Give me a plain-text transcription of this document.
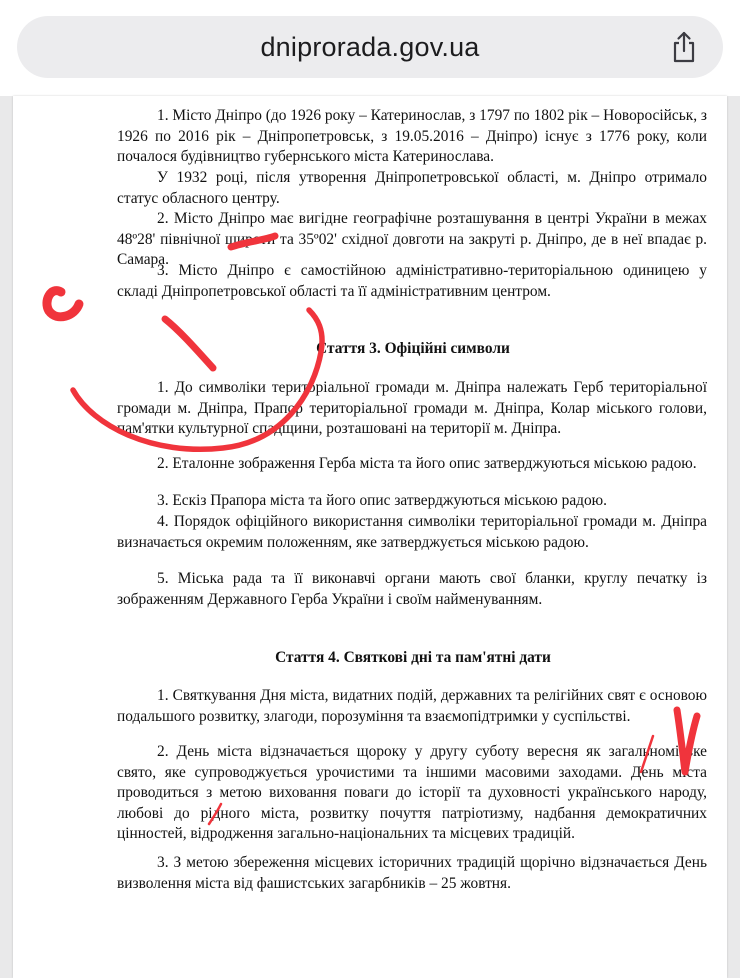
dniprorada.gov.ua

1. Місто Дніпро (до 1926 року – Катеринослав, з 1797 по 1802 рік – Новоросійськ, з 1926 по 2016 рік – Дніпропетровськ, з 19.05.2016 – Дніпро) існує з 1776 року, коли почалося будівництво губернського міста Катеринослава.

У 1932 році, після утворення Дніпропетровської області, м. Дніпро отримало статус обласного центру.

2. Місто Дніпро має вигідне географічне розташування в центрі України в межах 48º28' північної широти та 35º02' східної довготи на закруті р. Дніпро, де в неї впадає р. Самара.

3. Місто Дніпро є самостійною адміністративно-територіальною одиницею у складі Дніпропетровської області та її адміністративним центром.

Стаття 3. Офіційні символи

1. До символіки територіальної громади м. Дніпра належать Герб територіальної громади м. Дніпра, Прапор територіальної громади м. Дніпра, Колар міського голови, пам'ятки культурної спадщини, розташовані на території м. Дніпра.

2. Еталонне зображення Герба міста та його опис затверджуються міською радою.

3. Ескіз Прапора міста та його опис затверджуються міською радою.

4. Порядок офіційного використання символіки територіальної громади м. Дніпра визначається окремим положенням, яке затверджується міською радою.

5. Міська рада та її виконавчі органи мають свої бланки, круглу печатку із зображенням Державного Герба України і своїм найменуванням.

Стаття 4. Святкові дні та пам'ятні дати

1. Святкування Дня міста, видатних подій, державних та релігійних свят є основою подальшого розвитку, злагоди, порозуміння та взаємопідтримки у суспільстві.

2. День міста відзначається щороку у другу суботу вересня як загальноміське свято, яке супроводжується урочистими та іншими масовими заходами. День міста проводиться з метою виховання поваги до історії та духовності українського народу, любові до рідного міста, розвитку почуття патріотизму, надбання демократичних цінностей, відродження загально-національних та місцевих традицій.

3. З метою збереження місцевих історичних традицій щорічно відзначається День визволення міста від фашистських загарбників – 25 жовтня.
